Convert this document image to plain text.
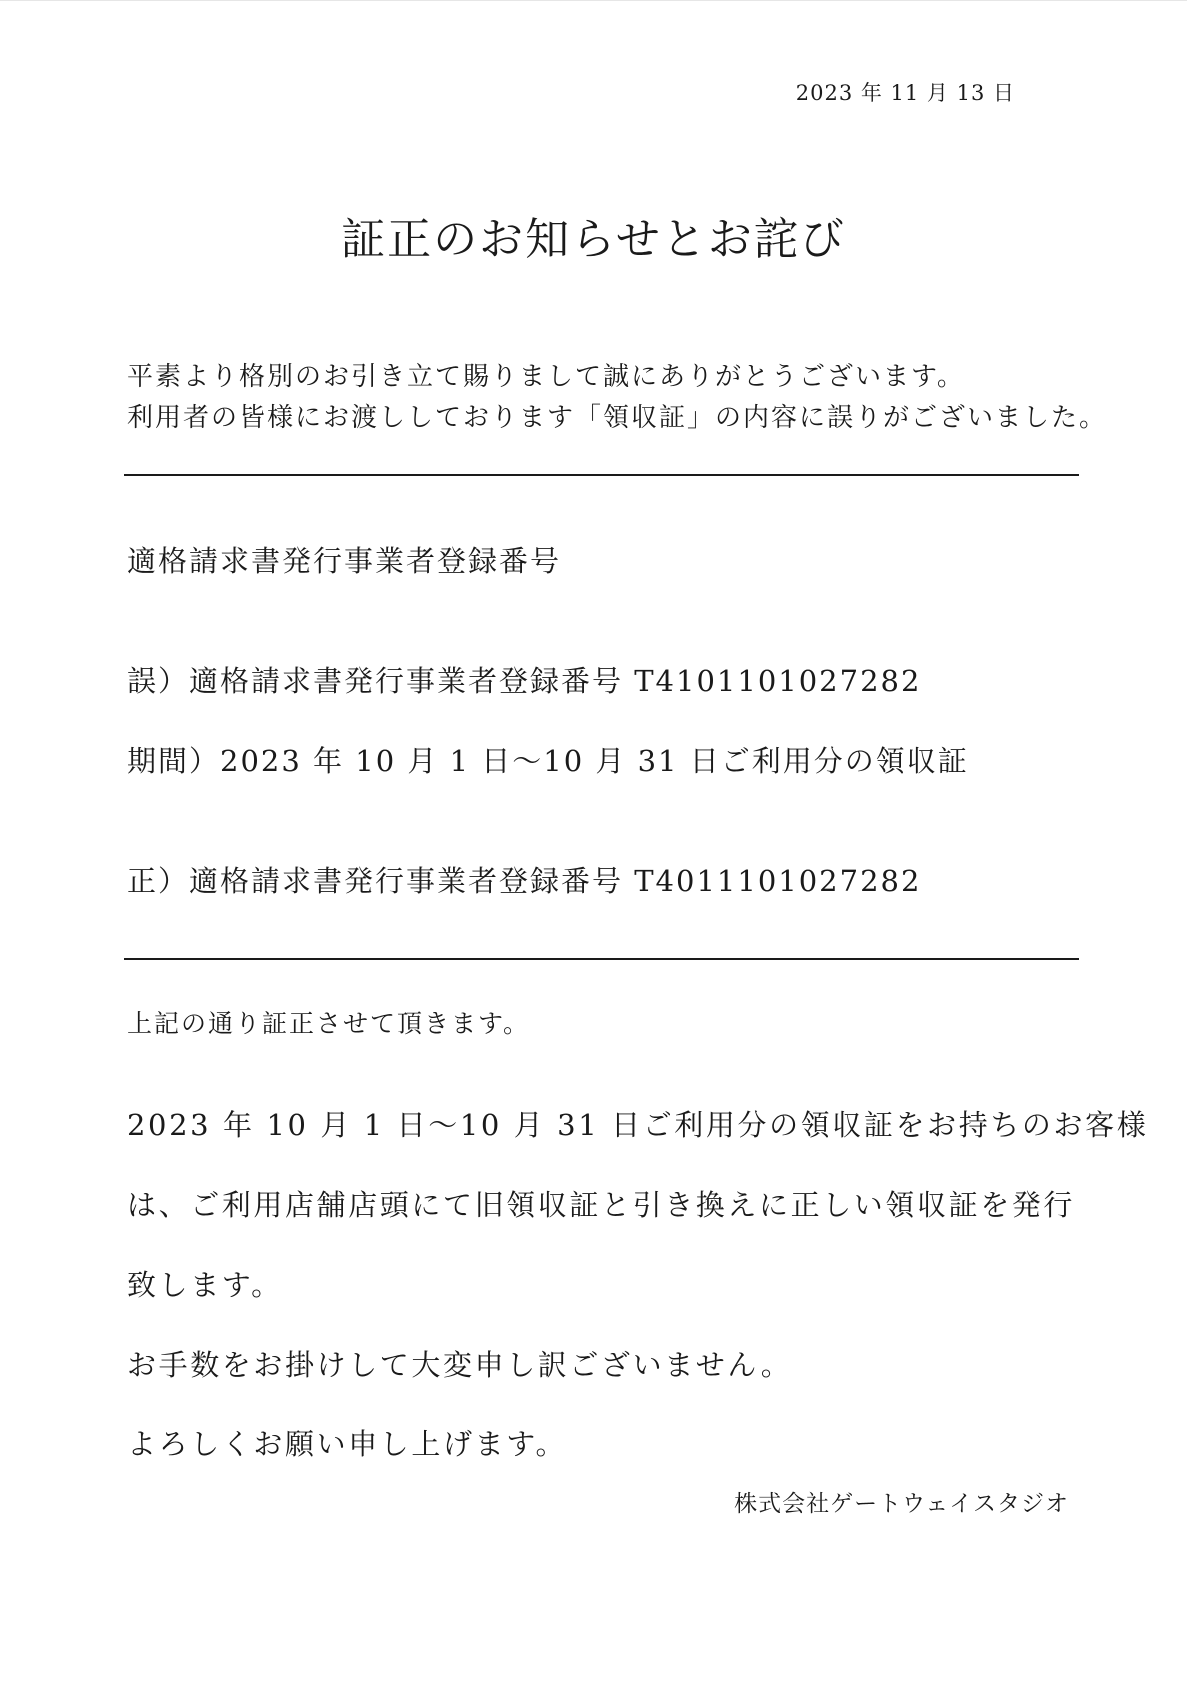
2023 年 11 月 13 日
証正のお知らせとお詫び
平素より格別のお引き立て賜りまして誠にありがとうございます。
利用者の皆様にお渡ししております「領収証」の内容に誤りがございました。
適格請求書発行事業者登録番号
誤）適格請求書発行事業者登録番号 T4101101027282
期間）2023 年 10 月 1 日〜10 月 31 日ご利用分の領収証
正）適格請求書発行事業者登録番号 T4011101027282
上記の通り証正させて頂きます。
2023 年 10 月 1 日〜10 月 31 日ご利用分の領収証をお持ちのお客様
は、ご利用店舗店頭にて旧領収証と引き換えに正しい領収証を発行
致します。
お手数をお掛けして大変申し訳ございません。
よろしくお願い申し上げます。
株式会社ゲートウェイスタジオ
